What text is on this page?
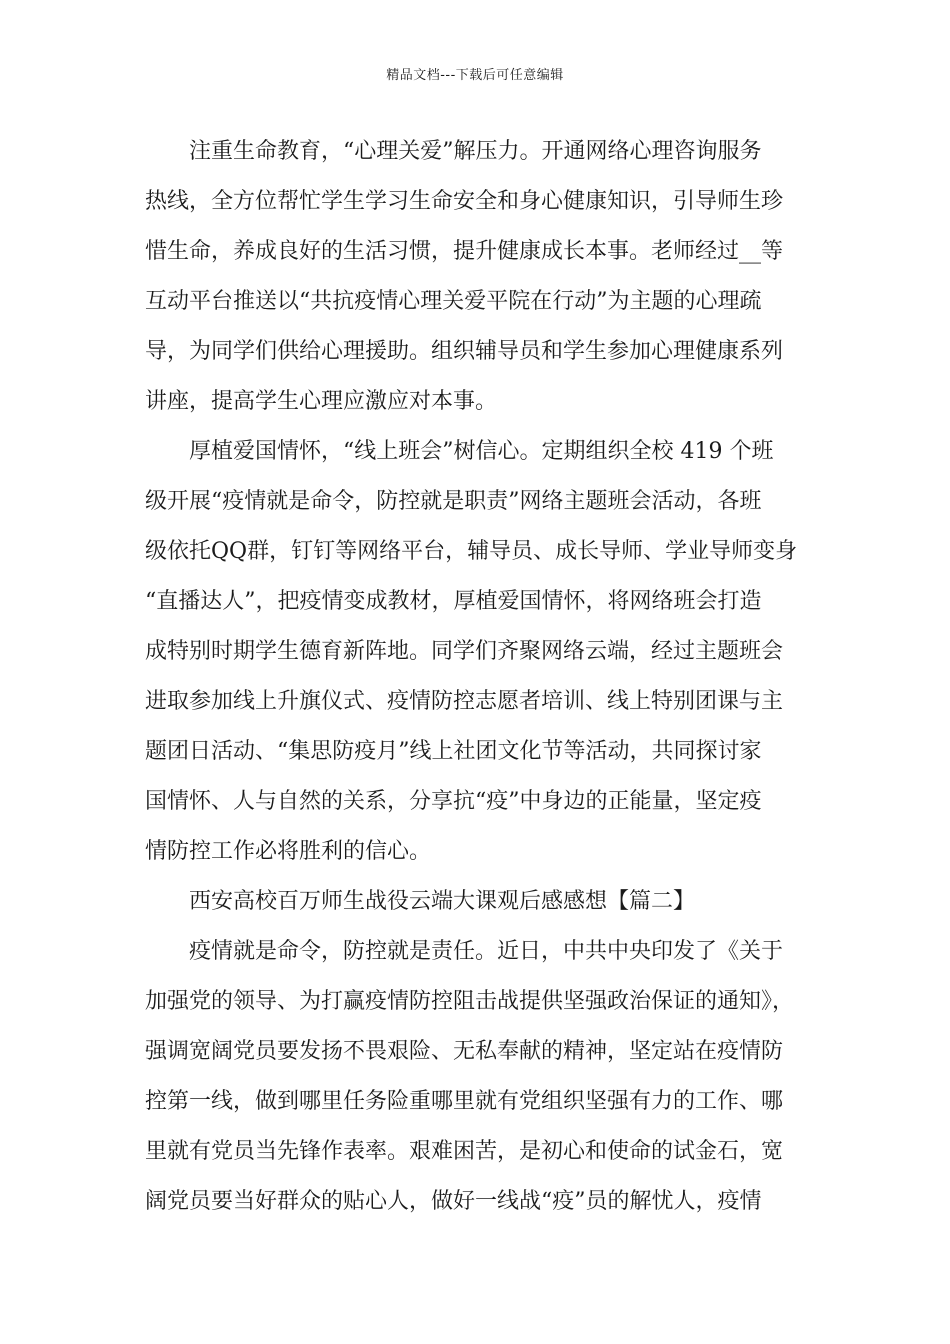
精品文档---下载后可任意编辑
注重生命教育，“心理关爱”解压力。开通网络心理咨询服务
热线，全方位帮忙学生学习生命安全和身心健康知识，引导师生珍
惜生命，养成良好的生活习惯，提升健康成长本事。老师经过__等
互动平台推送以“共抗疫情心理关爱平院在行动”为主题的心理疏
导，为同学们供给心理援助。组织辅导员和学生参加心理健康系列
讲座，提高学生心理应激应对本事。
厚植爱国情怀，“线上班会”树信心。定期组织全校 419 个班
级开展“疫情就是命令，防控就是职责”网络主题班会活动，各班
级依托QQ群，钉钉等网络平台，辅导员、成长导师、学业导师变身
“直播达人”，把疫情变成教材，厚植爱国情怀，将网络班会打造
成特别时期学生德育新阵地。同学们齐聚网络云端，经过主题班会
进取参加线上升旗仪式、疫情防控志愿者培训、线上特别团课与主
题团日活动、“集思防疫月”线上社团文化节等活动，共同探讨家
国情怀、人与自然的关系，分享抗“疫”中身边的正能量，坚定疫
情防控工作必将胜利的信心。
西安高校百万师生战役云端大课观后感感想【篇二】
疫情就是命令，防控就是责任。近日，中共中央印发了《关于
加强党的领导、为打赢疫情防控阻击战提供坚强政治保证的通知》，
强调宽阔党员要发扬不畏艰险、无私奉献的精神，坚定站在疫情防
控第一线，做到哪里任务险重哪里就有党组织坚强有力的工作、哪
里就有党员当先锋作表率。艰难困苦，是初心和使命的试金石，宽
阔党员要当好群众的贴心人，做好一线战“疫”员的解忧人，疫情
